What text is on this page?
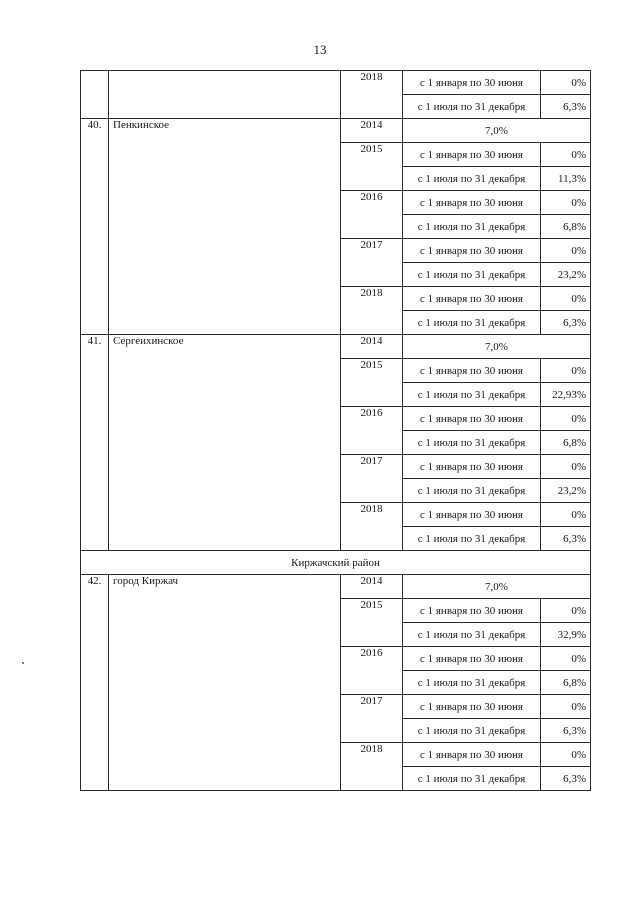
13
		2018	с 1 января по 30 июня	0%
			с 1 июля по 31 декабря	6,3%
40.	Пенкинское	2014	7,0%	
		2015	с 1 января по 30 июня	0%
			с 1 июля по 31 декабря	11,3%
		2016	с 1 января по 30 июня	0%
			с 1 июля по 31 декабря	6,8%
		2017	с 1 января по 30 июня	0%
			с 1 июля по 31 декабря	23,2%
		2018	с 1 января по 30 июня	0%
			с 1 июля по 31 декабря	6,3%
41.	Сергеихинское	2014	7,0%	
		2015	с 1 января по 30 июня	0%
			с 1 июля по 31 декабря	22,93%
		2016	с 1 января по 30 июня	0%
			с 1 июля по 31 декабря	6,8%
		2017	с 1 января по 30 июня	0%
			с 1 июля по 31 декабря	23,2%
		2018	с 1 января по 30 июня	0%
			с 1 июля по 31 декабря	6,3%
Киржачский район				
42.	город Киржач	2014	7,0%	
		2015	с 1 января по 30 июня	0%
			с 1 июля по 31 декабря	32,9%
		2016	с 1 января по 30 июня	0%
			с 1 июля по 31 декабря	6,8%
		2017	с 1 января по 30 июня	0%
			с 1 июля по 31 декабря	6,3%
		2018	с 1 января по 30 июня	0%
			с 1 июля по 31 декабря	6,3%
